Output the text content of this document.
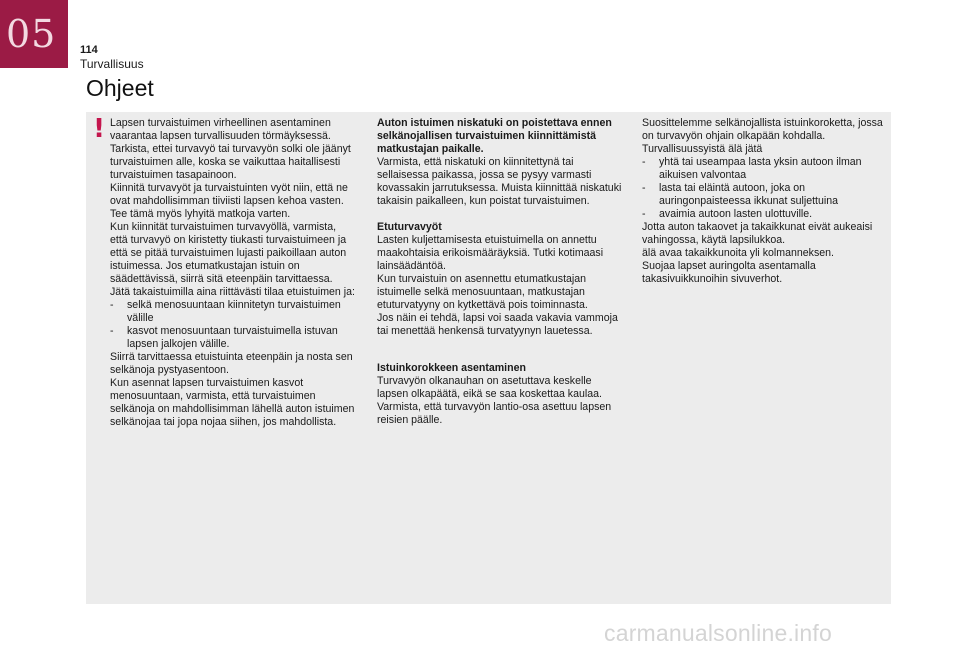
05 114
Turvallisuus
Ohjeet
! Lapsen turvaistuimen virheellinen asentaminen vaarantaa lapsen turvallisuuden törmäyksessä.

Tarkista, ettei turvavyö tai turvavyön solki ole jäänyt turvaistuimen alle, koska se vaikuttaa haitallisesti turvaistuimen tasapainoon.

Kiinnitä turvavyöt ja turvaistuinten vyöt niin, että ne ovat mahdollisimman tiiviisti lapsen kehoa vasten. Tee tämä myös lyhyitä matkoja varten.

Kun kiinnität turvaistuimen turvavyöllä, varmista, että turvavyö on kiristetty tiukasti turvaistuimeen ja että se pitää turvaistuimen lujasti paikoillaan auton istuimessa. Jos etumatkustajan istuin on säädettävissä, siirrä sitä eteenpäin tarvittaessa.

Jätä takaistuimilla aina riittävästi tilaa etuistuimen ja:

-	selkä menosuuntaan kiinnitetyn turvaistuimen välille
-	kasvot menosuuntaan turvaistuimella istuvan lapsen jalkojen välille.

Siirrä tarvittaessa etuistuinta eteenpäin ja nosta sen selkänoja pystyasentoon.

Kun asennat lapsen turvaistuimen kasvot menosuuntaan, varmista, että turvaistuimen selkänoja on mahdollisimman lähellä auton istuimen selkänojaa tai jopa nojaa siihen, jos mahdollista.

Auton istuimen niskatuki on poistettava ennen selkänojallisen turvaistuimen kiinnittämistä matkustajan paikalle.

Varmista, että niskatuki on kiinnitettynä tai sellaisessa paikassa, jossa se pysyy varmasti kovassakin jarrutuksessa. Muista kiinnittää niskatuki takaisin paikalleen, kun poistat turvaistuimen.

Etuturvavyöt

Lasten kuljettamisesta etuistuimella on annettu maakohtaisia erikoismääräyksiä. Tutki kotimaasi lainsäädäntöä.

Kun turvaistuin on asennettu etumatkustajan istuimelle selkä menosuuntaan, matkustajan etuturvatyyny on kytkettävä pois toiminnasta.

Jos näin ei tehdä, lapsi voi saada vakavia vammoja tai menettää henkensä turvatyynyn lauetessa.

Istuinkorokkeen asentaminen

Turvavyön olkanauhan on asetuttava keskelle lapsen olkapäätä, eikä se saa koskettaa kaulaa.

Varmista, että turvavyön lantio-osa asettuu lapsen reisien päälle.

Suosittelemme selkänojallista istuinkoroketta, jossa on turvavyön ohjain olkapään kohdalla.

Turvallisuussyistä älä jätä

-	yhtä tai useampaa lasta yksin autoon ilman aikuisen valvontaa
-	lasta tai eläintä autoon, joka on auringonpaisteessa ikkunat suljettuina
-	avaimia autoon lasten ulottuville.

Jotta auton takaovet ja takaikkunat eivät aukeaisi vahingossa, käytä lapsilukkoa.

älä avaa takaikkunoita yli kolmanneksen.

Suojaa lapset auringolta asentamalla takasivuikkunoihin sivuverhot.

carmanualsonline.info
